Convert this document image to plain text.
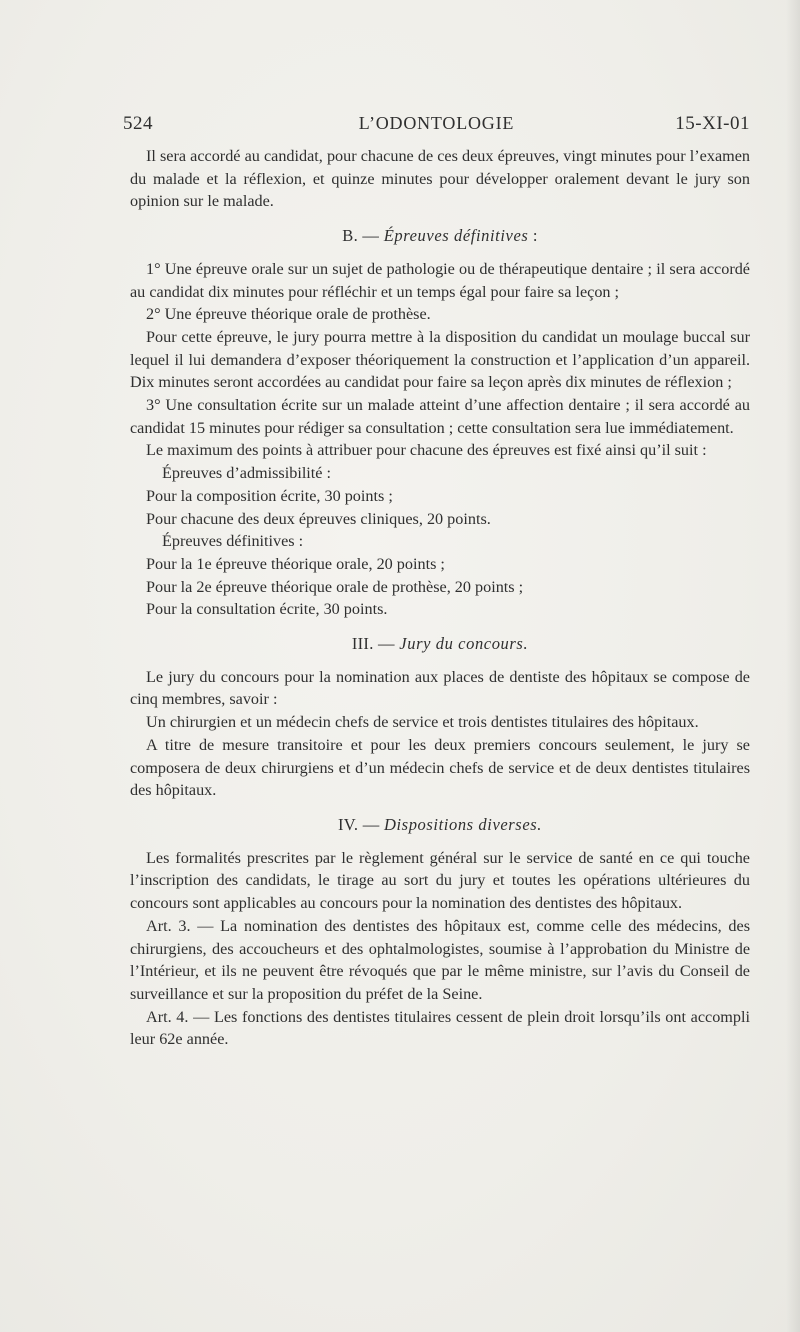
524	L’ODONTOLOGIE	15-XI-01

Il sera accordé au candidat, pour chacune de ces deux épreuves, vingt minutes pour l’examen du malade et la réflexion, et quinze minutes pour développer oralement devant le jury son opinion sur le malade.

B. — Épreuves définitives :

1° Une épreuve orale sur un sujet de pathologie ou de thérapeutique dentaire ; il sera accordé au candidat dix minutes pour réfléchir et un temps égal pour faire sa leçon ;

2° Une épreuve théorique orale de prothèse.

Pour cette épreuve, le jury pourra mettre à la disposition du candidat un moulage buccal sur lequel il lui demandera d’exposer théoriquement la construction et l’application d’un appareil. Dix minutes seront accordées au candidat pour faire sa leçon après dix minutes de réflexion ;

3° Une consultation écrite sur un malade atteint d’une affection dentaire ; il sera accordé au candidat 15 minutes pour rédiger sa consultation ; cette consultation sera lue immédiatement.

Le maximum des points à attribuer pour chacune des épreuves est fixé ainsi qu’il suit :

Épreuves d’admissibilité :

Pour la composition écrite, 30 points ;

Pour chacune des deux épreuves cliniques, 20 points.

Épreuves définitives :

Pour la 1e épreuve théorique orale, 20 points ;

Pour la 2e épreuve théorique orale de prothèse, 20 points ;

Pour la consultation écrite, 30 points.

III. — Jury du concours.

Le jury du concours pour la nomination aux places de dentiste des hôpitaux se compose de cinq membres, savoir :

Un chirurgien et un médecin chefs de service et trois dentistes titulaires des hôpitaux.

A titre de mesure transitoire et pour les deux premiers concours seulement, le jury se composera de deux chirurgiens et d’un médecin chefs de service et de deux dentistes titulaires des hôpitaux.

IV. — Dispositions diverses.

Les formalités prescrites par le règlement général sur le service de santé en ce qui touche l’inscription des candidats, le tirage au sort du jury et toutes les opérations ultérieures du concours sont applicables au concours pour la nomination des dentistes des hôpitaux.

Art. 3. — La nomination des dentistes des hôpitaux est, comme celle des médecins, des chirurgiens, des accoucheurs et des ophtalmologistes, soumise à l’approbation du Ministre de l’Intérieur, et ils ne peuvent être révoqués que par le même ministre, sur l’avis du Conseil de surveillance et sur la proposition du préfet de la Seine.

Art. 4. — Les fonctions des dentistes titulaires cessent de plein droit lorsqu’ils ont accompli leur 62e année.
